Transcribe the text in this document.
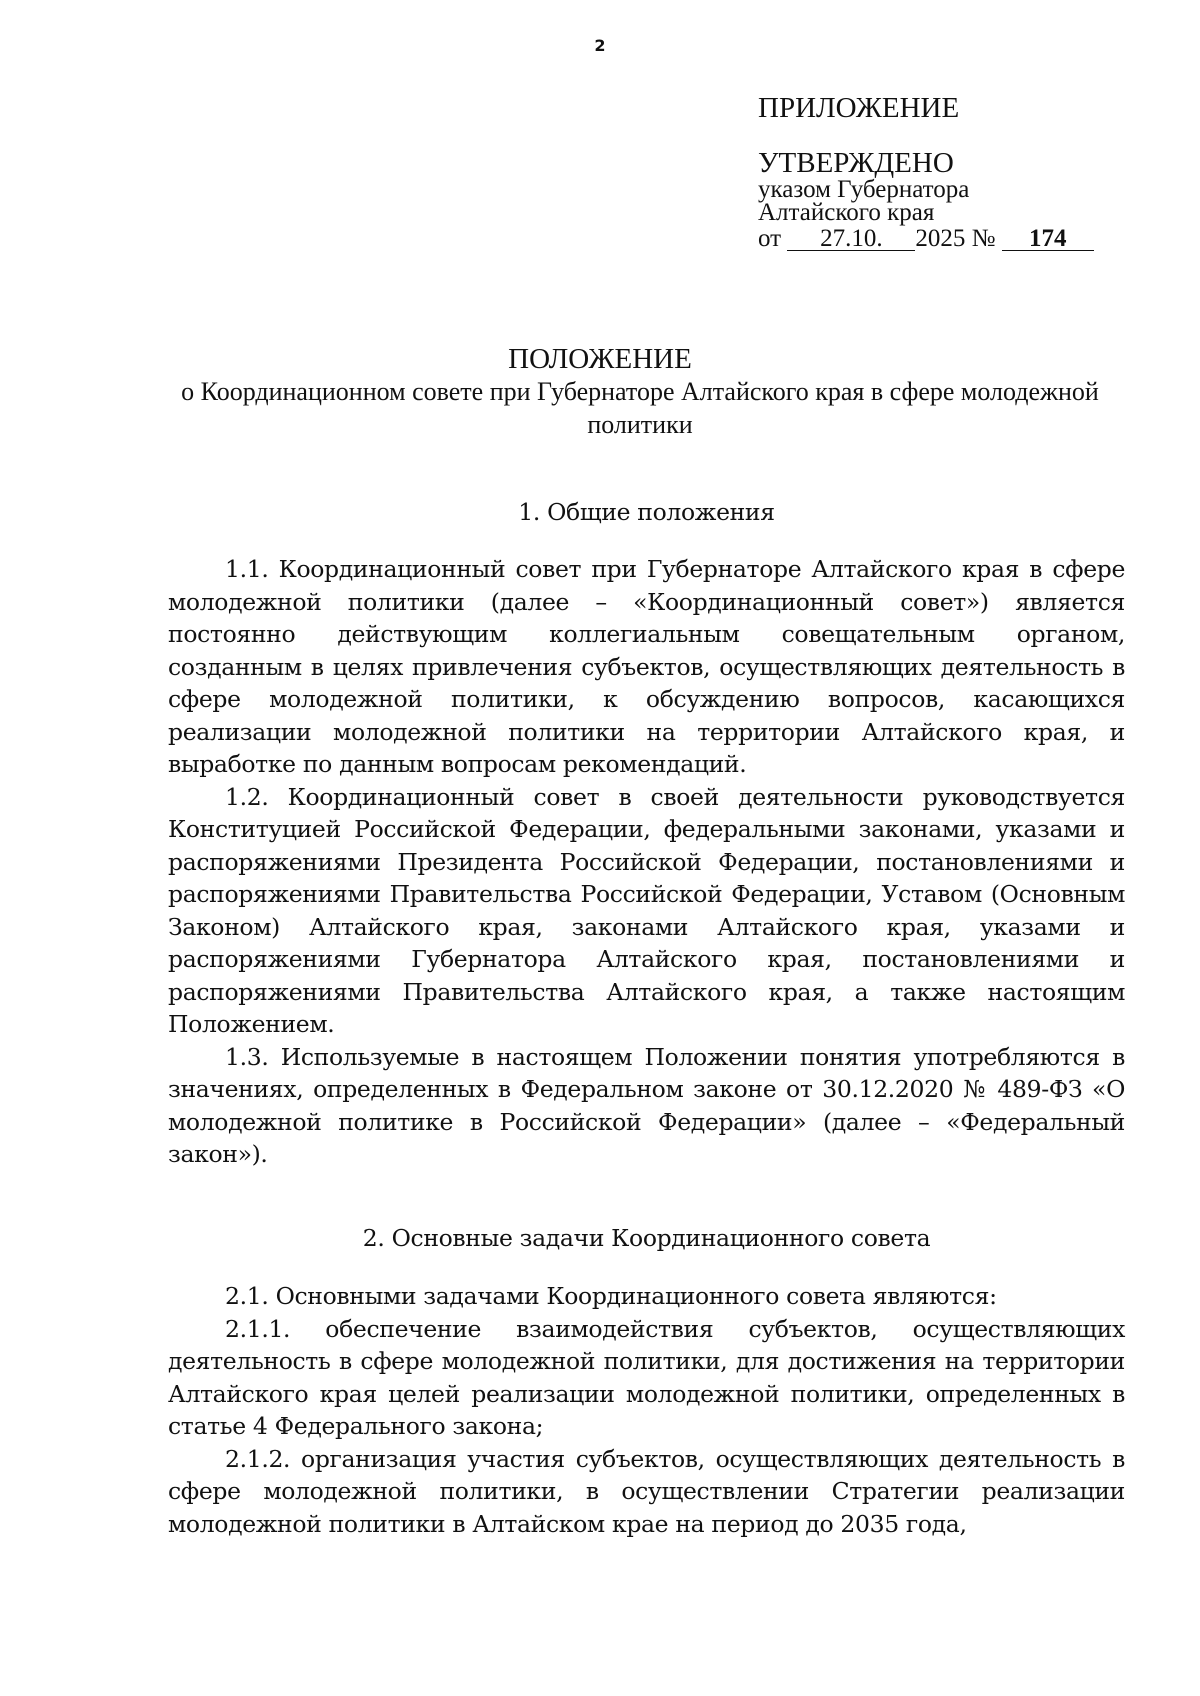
2
ПРИЛОЖЕНИЕ
УТВЕРЖДЕНО
указом Губернатора
Алтайского края
от 27.10. 2025 № 174
ПОЛОЖЕНИЕ
о Координационном совете при Губернаторе Алтайского края в сфере молодежной политики
1. Общие положения

1.1. Координационный совет при Губернаторе Алтайского края в сфере молодежной политики (далее – «Координационный совет») является постоянно действующим коллегиальным совещательным органом, созданным в целях привлечения субъектов, осуществляющих деятельность в сфере молодежной политики, к обсуждению вопросов, касающихся реализации молодежной политики на территории Алтайского края, и выработке по данным вопросам рекомендаций.

1.2. Координационный совет в своей деятельности руководствуется Конституцией Российской Федерации, федеральными законами, указами и распоряжениями Президента Российской Федерации, постановлениями и распоряжениями Правительства Российской Федерации, Уставом (Основным Законом) Алтайского края, законами Алтайского края, указами и распоряжениями Губернатора Алтайского края, постановлениями и распоряжениями Правительства Алтайского края, а также настоящим Положением.

1.3. Используемые в настоящем Положении понятия употребляются в значениях, определенных в Федеральном законе от 30.12.2020 № 489-ФЗ «О молодежной политике в Российской Федерации» (далее – «Федеральный закон»).

2. Основные задачи Координационного совета

2.1. Основными задачами Координационного совета являются:

2.1.1. обеспечение взаимодействия субъектов, осуществляющих деятельность в сфере молодежной политики, для достижения на территории Алтайского края целей реализации молодежной политики, определенных в статье 4 Федерального закона;

2.1.2. организация участия субъектов, осуществляющих деятельность в сфере молодежной политики, в осуществлении Стратегии реализации молодежной политики в Алтайском крае на период до 2035 года,
